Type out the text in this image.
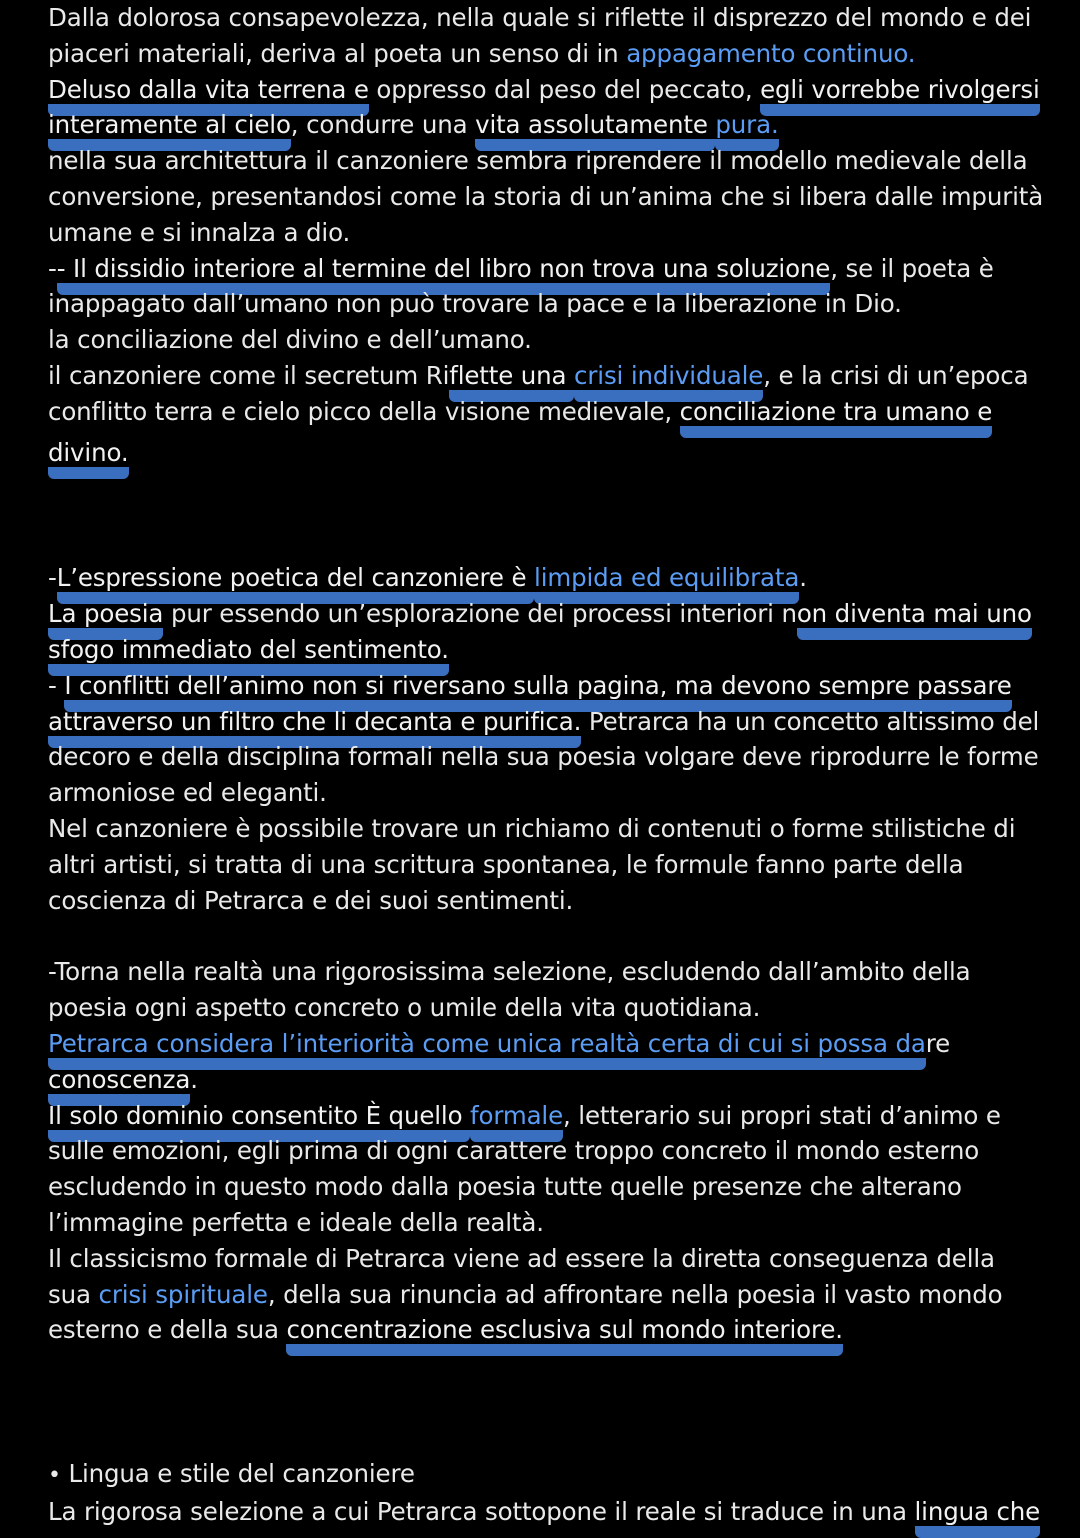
Dalla dolorosa consapevolezza, nella quale si riflette il disprezzo del mondo e dei

piaceri materiali, deriva al poeta un senso di in appagamento continuo.

Deluso dalla vita terrena e oppresso dal peso del peccato, egli vorrebbe rivolgersi

interamente al cielo, condurre una vita assolutamente pura.

nella sua architettura il canzoniere sembra riprendere il modello medievale della

conversione, presentandosi come la storia di un’anima che si libera dalle impurità

umane e si innalza a dio.

-- Il dissidio interiore al termine del libro non trova una soluzione, se il poeta è

inappagato dall’umano non può trovare la pace e la liberazione in Dio.

la conciliazione del divino e dell’umano.

il canzoniere come il secretum Riflette una crisi individuale, e la crisi di un’epoca

conflitto terra e cielo picco della visione medievale, conciliazione tra umano e

divino.

-L’espressione poetica del canzoniere è limpida ed equilibrata.

La poesia pur essendo un’esplorazione dei processi interiori non diventa mai uno

sfogo immediato del sentimento.

- I conflitti dell’animo non si riversano sulla pagina, ma devono sempre passare

attraverso un filtro che li decanta e purifica. Petrarca ha un concetto altissimo del

decoro e della disciplina formali nella sua poesia volgare deve riprodurre le forme

armoniose ed eleganti.

Nel canzoniere è possibile trovare un richiamo di contenuti o forme stilistiche di

altri artisti, si tratta di una scrittura spontanea, le formule fanno parte della

coscienza di Petrarca e dei suoi sentimenti.

-Torna nella realtà una rigorosissima selezione, escludendo dall’ambito della

poesia ogni aspetto concreto o umile della vita quotidiana.

Petrarca considera l’interiorità come unica realtà certa di cui si possa dare

conoscenza.

Il solo dominio consentito È quello formale, letterario sui propri stati d’animo e

sulle emozioni, egli prima di ogni carattere troppo concreto il mondo esterno

escludendo in questo modo dalla poesia tutte quelle presenze che alterano

l’immagine perfetta e ideale della realtà.

Il classicismo formale di Petrarca viene ad essere la diretta conseguenza della

sua crisi spirituale, della sua rinuncia ad affrontare nella poesia il vasto mondo

esterno e della sua concentrazione esclusiva sul mondo interiore.

• Lingua e stile del canzoniere

La rigorosa selezione a cui Petrarca sottopone il reale si traduce in una lingua che
